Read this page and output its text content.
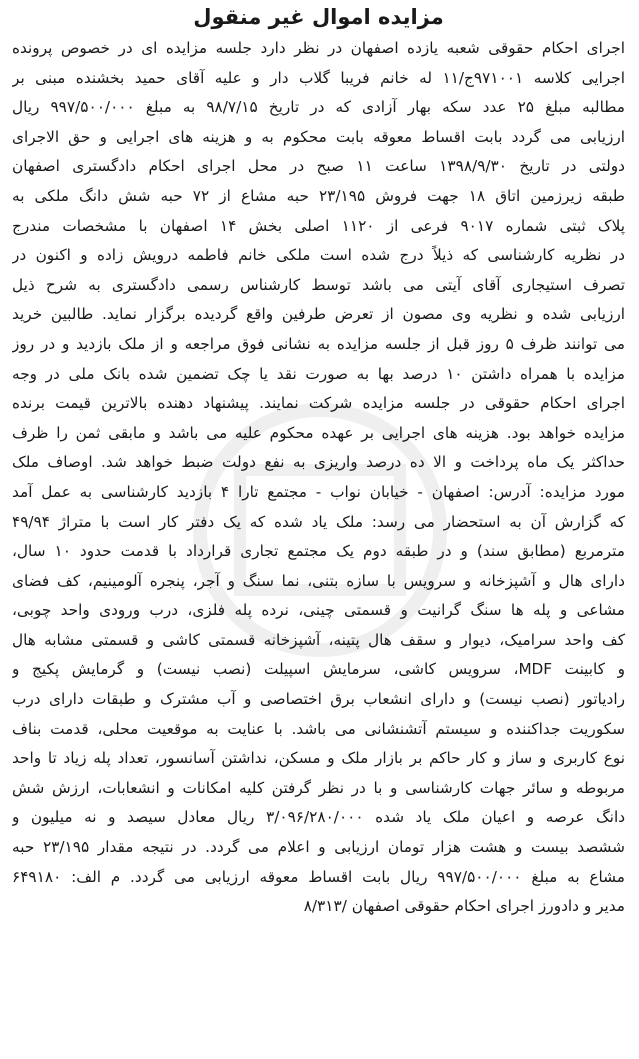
مزایده اموال غیر منقول
اجرای احکام حقوقی شعبه یازده اصفهان در نظر دارد جلسه مزایده ای در خصوص پرونده
اجرایی کلاسه ۹۷۱۰۰۱ج/۱۱ له خانم فریبا گلاب دار و علیه آقای حمید بخشنده مبنی بر
مطالبه مبلغ ۲۵ عدد سکه بهار آزادی که در تاریخ ۹۸/۷/۱۵ به مبلغ ۹۹۷/۵۰۰/۰۰۰ ریال
ارزیابی می گردد بابت اقساط معوقه بابت محکوم به و هزینه های اجرایی و حق الاجرای
دولتی در تاریخ ۱۳۹۸/۹/۳۰ ساعت ۱۱ صبح در محل اجرای احکام دادگستری اصفهان
طبقه زیرزمین اتاق ۱۸ جهت فروش ۲۳/۱۹۵ حبه مشاع از ۷۲ حبه شش دانگ ملکی به
پلاک ثبتی شماره ۹۰۱۷ فرعی از ۱۱۲۰ اصلی بخش ۱۴ اصفهان با مشخصات مندرج
در نظریه کارشناسی که ذیلاً درج شده است ملکی خانم فاطمه درویش زاده و اکنون در
تصرف استیجاری آقای آیتی می باشد توسط کارشناس رسمی دادگستری به شرح ذیل
ارزیابی شده و نظریه وی مصون از تعرض طرفین واقع گردیده برگزار نماید. طالبین خرید
می توانند ظرف ۵ روز قبل از جلسه مزایده به نشانی فوق مراجعه و از ملک بازدید و در روز
مزایده با همراه داشتن ۱۰ درصد بها به صورت نقد یا چک تضمین شده بانک ملی در وجه
اجرای احکام حقوقی در جلسه مزایده شرکت نمایند. پیشنهاد دهنده بالاترین قیمت برنده
مزایده خواهد بود. هزینه های اجرایی بر عهده محکوم علیه می باشد و مابقی ثمن را ظرف
حداکثر یک ماه پرداخت و الا ده درصد واریزی به نفع دولت ضبط خواهد شد. اوصاف ملک
مورد مزایده: آدرس: اصفهان - خیابان نواب - مجتمع تارا ۴ بازدید کارشناسی به عمل آمد
که گزارش آن به استحضار می رسد: ملک یاد شده که یک دفتر کار است با متراژ ۴۹/۹۴
مترمربع (مطابق سند) و در طبقه دوم یک مجتمع تجاری قرارداد با قدمت حدود ۱۰ سال،
دارای هال و آشپزخانه و سرویس با سازه بتنی، نما سنگ و آجر، پنجره آلومینیم، کف فضای
مشاعی و پله ها سنگ گرانیت و قسمتی چینی، نرده پله فلزی، درب ورودی واحد چوبی،
کف واحد سرامیک، دیوار و سقف هال پتینه، آشپزخانه قسمتی کاشی و قسمتی مشابه هال
و کابینت MDF، سرویس کاشی، سرمایش اسپیلت (نصب نیست) و گرمایش پکیج و
رادیاتور (نصب نیست) و دارای انشعاب برق اختصاصی و آب مشترک و طبقات دارای درب
سکوریت جداکننده و سیستم آتشنشانی می باشد. با عنایت به موقعیت محلی، قدمت بناف
نوع کاربری و ساز و کار حاکم بر بازار ملک و مسکن، نداشتن آسانسور، تعداد پله زیاد تا واحد
مربوطه و سائر جهات کارشناسی و با در نظر گرفتن کلیه امکانات و انشعابات، ارزش شش
دانگ عرصه و اعیان ملک یاد شده ۳/۰۹۶/۲۸۰/۰۰۰ ریال معادل سیصد و نه میلیون و
ششصد بیست و هشت هزار تومان ارزیابی و اعلام می گردد. در نتیجه مقدار ۲۳/۱۹۵ حبه
مشاع به مبلغ ۹۹۷/۵۰۰/۰۰۰ ریال بابت اقساط معوقه ارزیابی می گردد. م الف: ۶۴۹۱۸۰
مدیر و دادورز اجرای احکام حقوقی اصفهان /۸/۳۱۳
